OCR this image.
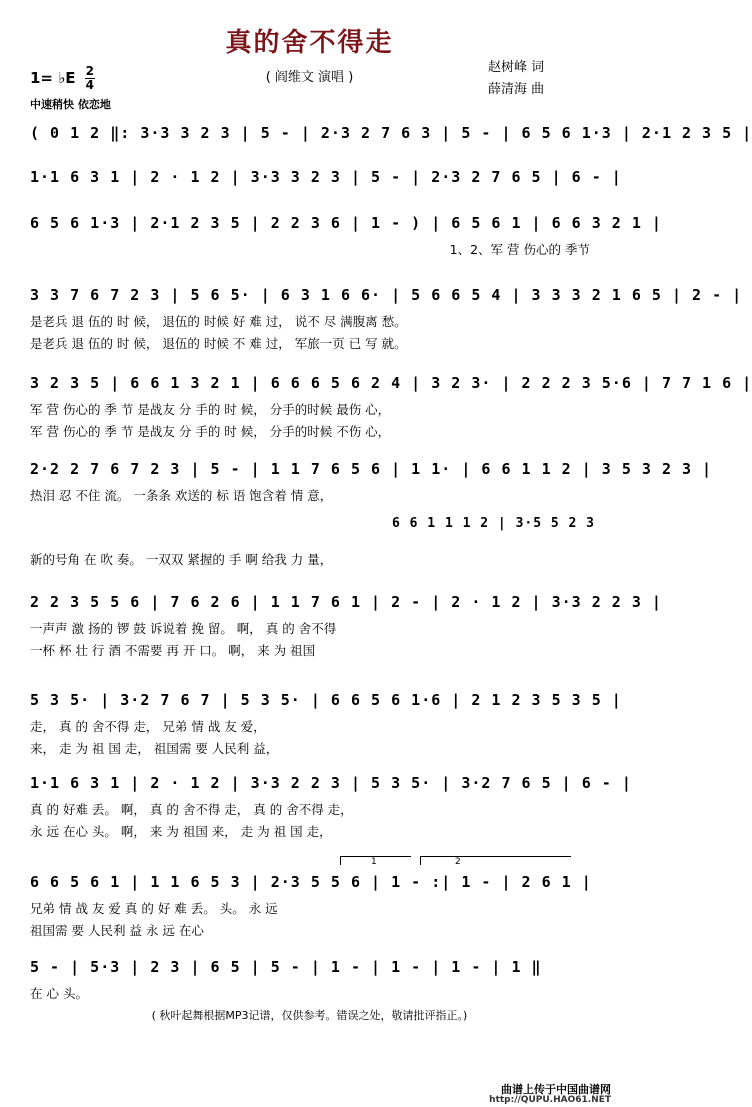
真的舍不得走
( 阎维文 演唱 )
赵树峰 词
薛清海 曲
1= ♭E $\frac{2}{4}$
中速稍快 依恋地
( 0 1 2 ‖: 3·3 3 2 3 | 5 - | 2·3 2 7 6 3 | 5 - | 6 5 6 1·3 | 2·1 2 3 5 |
1·1 6 3 1 | 2 · 1 2 | 3·3 3 2 3 | 5 - | 2·3 2 7 6 5 | 6 - |
6 5 6 1·3 | 2·1 2 3 5 | 2 2 3 6 | 1 - ) | 6 5 6 1 | 6 6 3 2 1 |
1、2、军 营 伤心的 季节
3 3 7 6 7 2 3 | 5 6 5· | 6 3 1 6 6· | 5 6 6 5 4 | 3 3 3 2 1 6 5 | 2 - |
是老兵 退 伍的 时 候， 退伍的 时候 好 难 过， 说不 尽 满腹离 愁。
是老兵 退 伍的 时 候， 退伍的 时候 不 难 过， 军旅一页 已 写 就。
3 2 3 5 | 6 6 1 3 2 1 | 6 6 6 5 6 2 4 | 3 2 3· | 2 2 2 3 5·6 | 7 7 1 6 |
军 营 伤心的 季 节 是战友 分 手的 时 候， 分手的时候 最伤 心，
军 营 伤心的 季 节 是战友 分 手的 时 候， 分手的时候 不伤 心，
2·2 2 7 6 7 2 3 | 5 - | 1 1 7 6 5 6 | 1 1· | 6 6 1 1 2 | 3 5 3 2 3 |
热泪 忍 不住 流。 一条条 欢送的 标 语 饱含着 情 意，
6 6 1 1 1 2 | 3·5 5 2 3
新的号角 在 吹 奏。 一双双 紧握的 手 啊 给我 力 量，
2 2 3 5 5 6 | 7 6 2 6 | 1 1 7 6 1 | 2 - | 2 · 1 2 | 3·3 2 2 3 |
一声声 激 扬的 锣 鼓 诉说着 挽 留。 啊， 真 的 舍不得
一杯 杯 壮 行 酒 不需要 再 开 口。 啊， 来 为 祖国
5 3 5· | 3·2 7 6 7 | 5 3 5· | 6 6 5 6 1·6 | 2 1 2 3 5 3 5 |
走， 真 的 舍不得 走， 兄弟 情 战 友 爱，
来， 走 为 祖 国 走， 祖国需 要 人民利 益，
1·1 6 3 1 | 2 · 1 2 | 3·3 2 2 3 | 5 3 5· | 3·2 7 6 5 | 6 - |
真 的 好难 丢。 啊， 真 的 舍不得 走， 真 的 舍不得 走，
永 远 在心 头。 啊， 来 为 祖国 来， 走 为 祖 国 走，
6 6 5 6 1 | 1 1 6 5 3 | 2·3 5 5 6 | 1 - :| 1 - | 2 6 1 |
兄弟 情 战 友 爱 真 的 好 难 丢。 头。 永 远
祖国需 要 人民利 益 永 远 在心
5 - | 5·3 | 2 3 | 6 5 | 5 - | 1 - | 1 - | 1 - | 1 ‖
在 心 头。
1	2
( 秋叶起舞根据MP3记谱，仅供参考。错误之处，敬请批评指正。)
曲谱上传于中国曲谱网
http://QUPU.HAO61.NET
